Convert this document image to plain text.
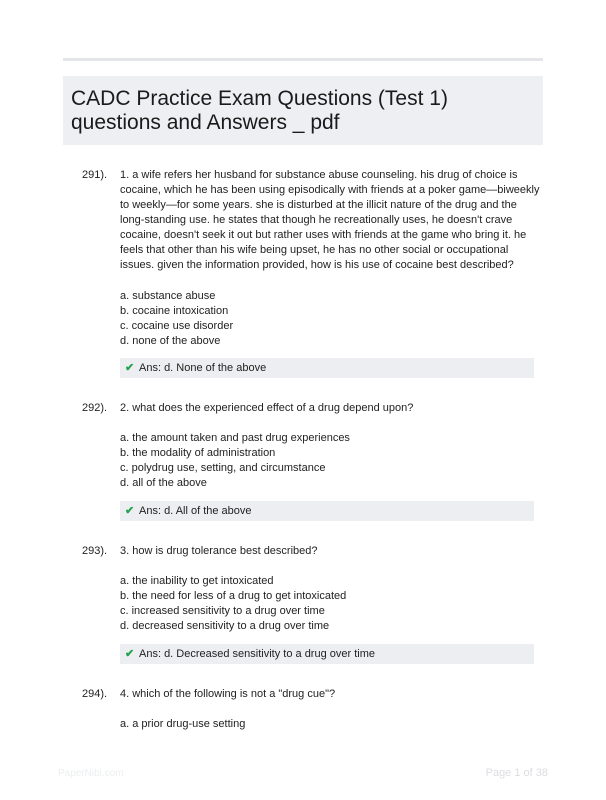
CADC Practice Exam Questions (Test 1) questions and Answers _ pdf
291). 1. a wife refers her husband for substance abuse counseling. his drug of choice is cocaine, which he has been using episodically with friends at a poker game—biweekly to weekly—for some years. she is disturbed at the illicit nature of the drug and the long-standing use. he states that though he recreationally uses, he doesn't crave cocaine, doesn't seek it out but rather uses with friends at the game who bring it. he feels that other than his wife being upset, he has no other social or occupational issues. given the information provided, how is his use of cocaine best described?
a. substance abuse
b. cocaine intoxication
c. cocaine use disorder
d. none of the above
✔ Ans: d. None of the above
292). 2. what does the experienced effect of a drug depend upon?
a. the amount taken and past drug experiences
b. the modality of administration
c. polydrug use, setting, and circumstance
d. all of the above
✔ Ans: d. All of the above
293). 3. how is drug tolerance best described?
a. the inability to get intoxicated
b. the need for less of a drug to get intoxicated
c. increased sensitivity to a drug over time
d. decreased sensitivity to a drug over time
✔ Ans: d. Decreased sensitivity to a drug over time
294). 4. which of the following is not a "drug cue"?
a. a prior drug-use setting
PaperNibi.com	Page 1 of 38
